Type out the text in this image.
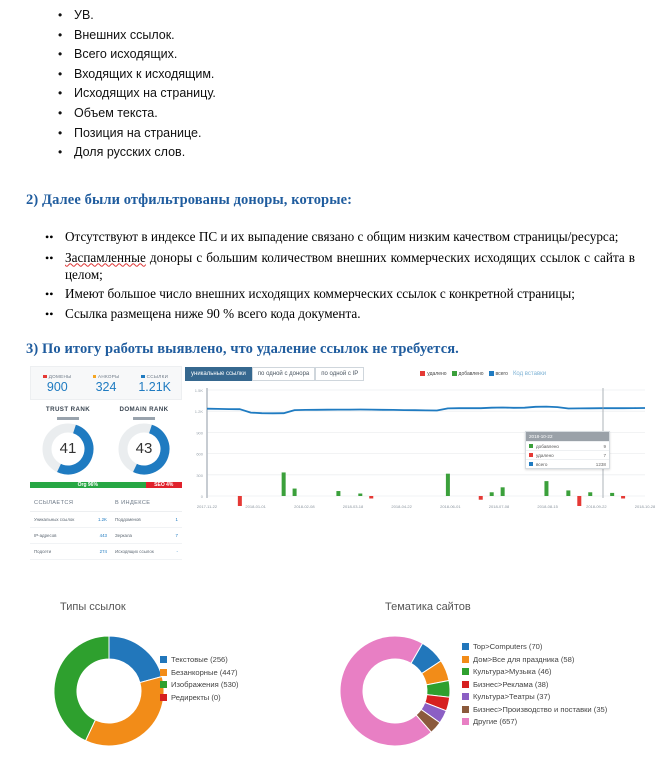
•
УВ.
•
Внешних ссылок.
•
Всего исходящих.
•
Входящих к исходящим.
•
Исходящих на страницу.
•
Объем текста.
•
Позиция на странице.
•
Доля русских слов.
2) Далее были отфильтрованы доноры, которые:
• • Отсутствуют в индексе ПС и их выпадение связано с общим низким качеством страницы/ресурса;
• • Заспамленные доноры с большим количеством внешних коммерческих исходящих ссылок с сайта в целом;
• • Имеют большое число внешних исходящих коммерческих ссылок с конкретной страницы;
• • Ссылка размещена ниже 90 % всего кода документа.
3) По итогу работы выявлено, что удаление ссылок не требуется.
ДОМЕНЫ
900
АНКОРЫ
324
ССЫЛКИ
1.21K
TRUST RANK
41
DOMAIN RANK
43
Org 96%	SEO 4%
ССЫЛАЕТСЯ		В ИНДЕКСЕ	
Уникальных ссылок	1.2K	Поддоменов	1
IP-адресов	443	Зеркала	7
Подсети	274	Исходящих ссылок	-
уникальные ссылки	по одной с донора	по одной с IP	удалено добавлено всего Код вставки
1.5K
1.2K
900
600
300
0
2018-10-22
добавлено	9
удалено	7
всего	1238
2017-11-22	2018-01-01	2018-02-08	2018-03-18	2018-04-22	2018-06-01	2018-07-08	2018-08-15	2018-09-22	2018-10-28
Типы ссылок
Текстовые (256)
Безанкорные (447)
Изображения (530)
Редиректы (0)
Тематика сайтов
Top>Computers (70)
Дом>Все для праздника (58)
Культура>Музыка (46)
Бизнес>Реклама (38)
Культура>Театры (37)
Бизнес>Производство и поставки (35)
Другие (657)
